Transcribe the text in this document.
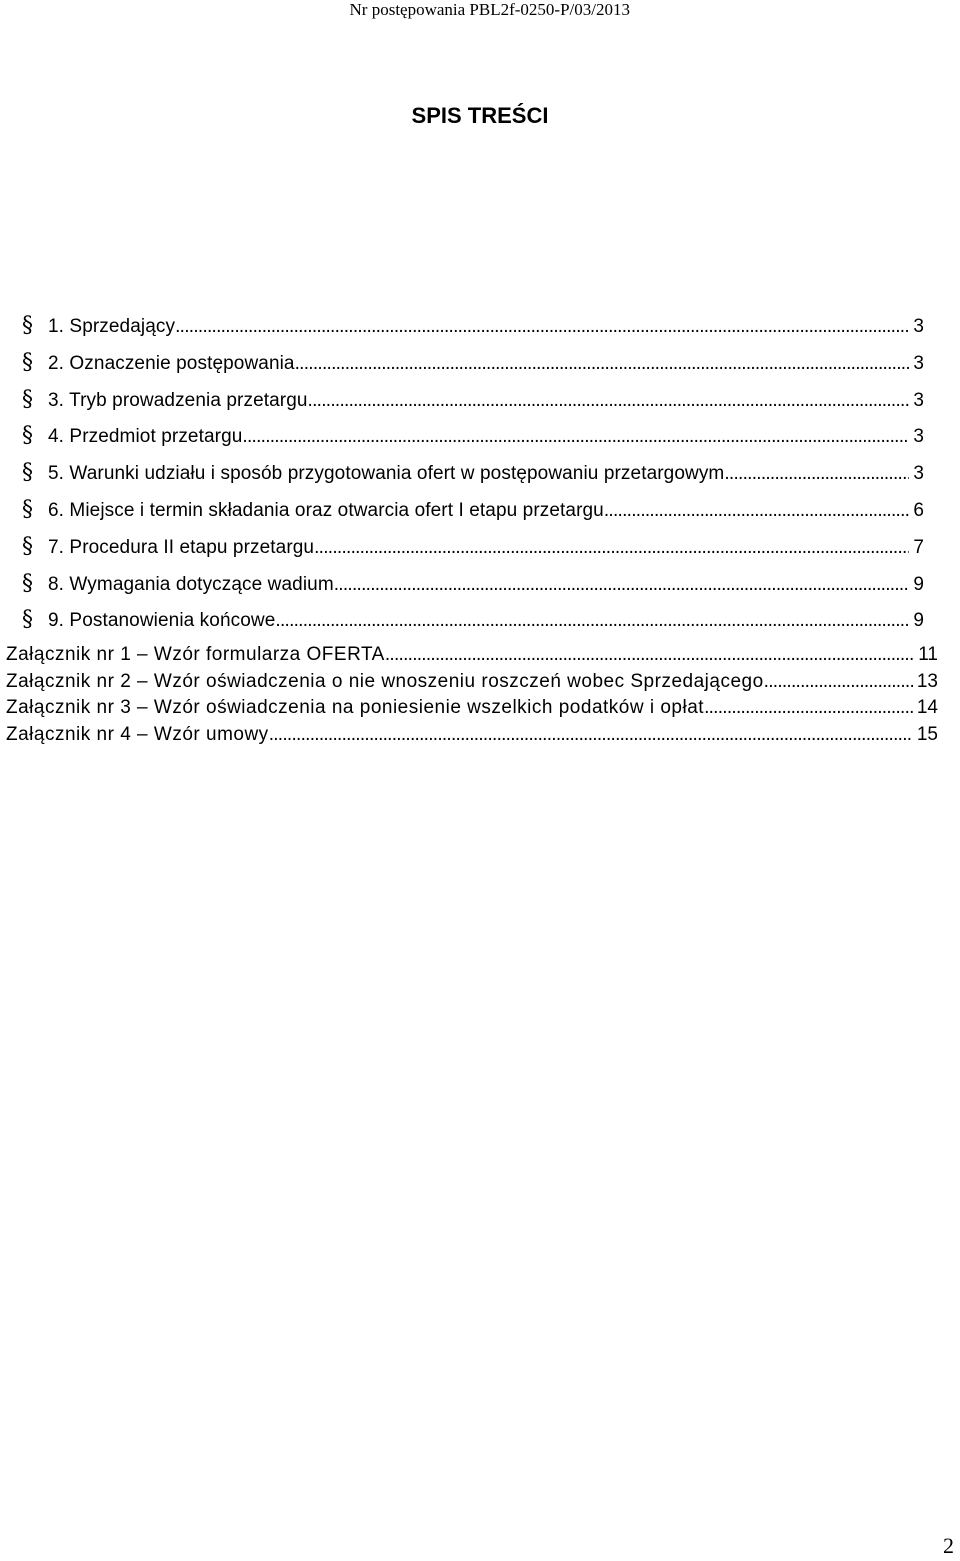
Nr postępowania PBL2f-0250-P/03/2013
SPIS TREŚCI
§ 1. Sprzedający . . .	3
§ 2. Oznaczenie postępowania . . .	3
§ 3. Tryb prowadzenia przetargu . . .	3
§ 4. Przedmiot przetargu . . .	3
§ 5. Warunki udziału i sposób przygotowania ofert w postępowaniu przetargowym . . .	3
§ 6. Miejsce i termin składania oraz otwarcia ofert I etapu przetargu . . .	6
§ 7. Procedura II etapu przetargu . . .	7
§ 8. Wymagania dotyczące wadium . . .	9
§ 9. Postanowienia końcowe . . .	9
Załącznik nr 1 – Wzór formularza OFERTA . . .	11
Załącznik nr 2 – Wzór oświadczenia o nie wnoszeniu roszczeń wobec Sprzedającego . . .	13
Załącznik nr 3 – Wzór oświadczenia na poniesienie wszelkich podatków i opłat . . .	14
Załącznik nr 4 – Wzór umowy . . .	15
2
